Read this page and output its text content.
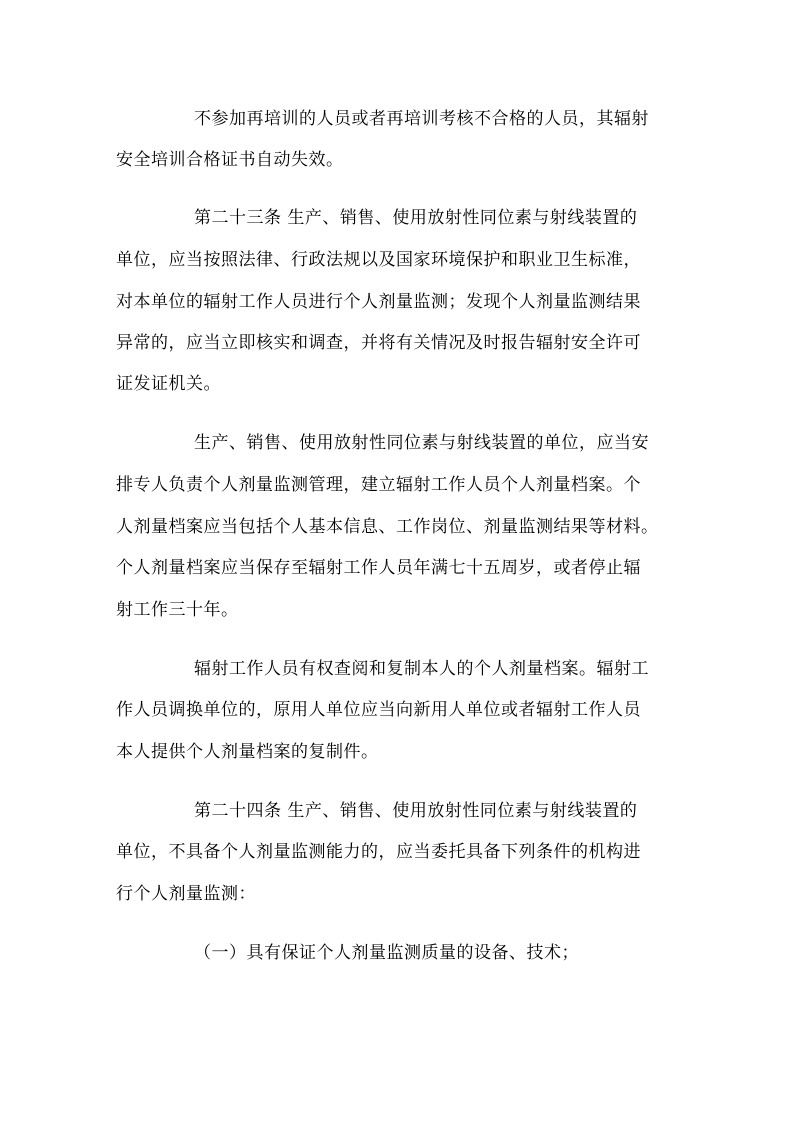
不参加再培训的人员或者再培训考核不合格的人员，其辐射
安全培训合格证书自动失效。
第二十三条 生产、销售、使用放射性同位素与射线装置的
单位，应当按照法律、行政法规以及国家环境保护和职业卫生标准，
对本单位的辐射工作人员进行个人剂量监测；发现个人剂量监测结果
异常的，应当立即核实和调查，并将有关情况及时报告辐射安全许可
证发证机关。
生产、销售、使用放射性同位素与射线装置的单位，应当安
排专人负责个人剂量监测管理，建立辐射工作人员个人剂量档案。个
人剂量档案应当包括个人基本信息、工作岗位、剂量监测结果等材料。
个人剂量档案应当保存至辐射工作人员年满七十五周岁，或者停止辐
射工作三十年。
辐射工作人员有权查阅和复制本人的个人剂量档案。辐射工
作人员调换单位的，原用人单位应当向新用人单位或者辐射工作人员
本人提供个人剂量档案的复制件。
第二十四条 生产、销售、使用放射性同位素与射线装置的
单位，不具备个人剂量监测能力的，应当委托具备下列条件的机构进
行个人剂量监测：
（一）具有保证个人剂量监测质量的设备、技术；
